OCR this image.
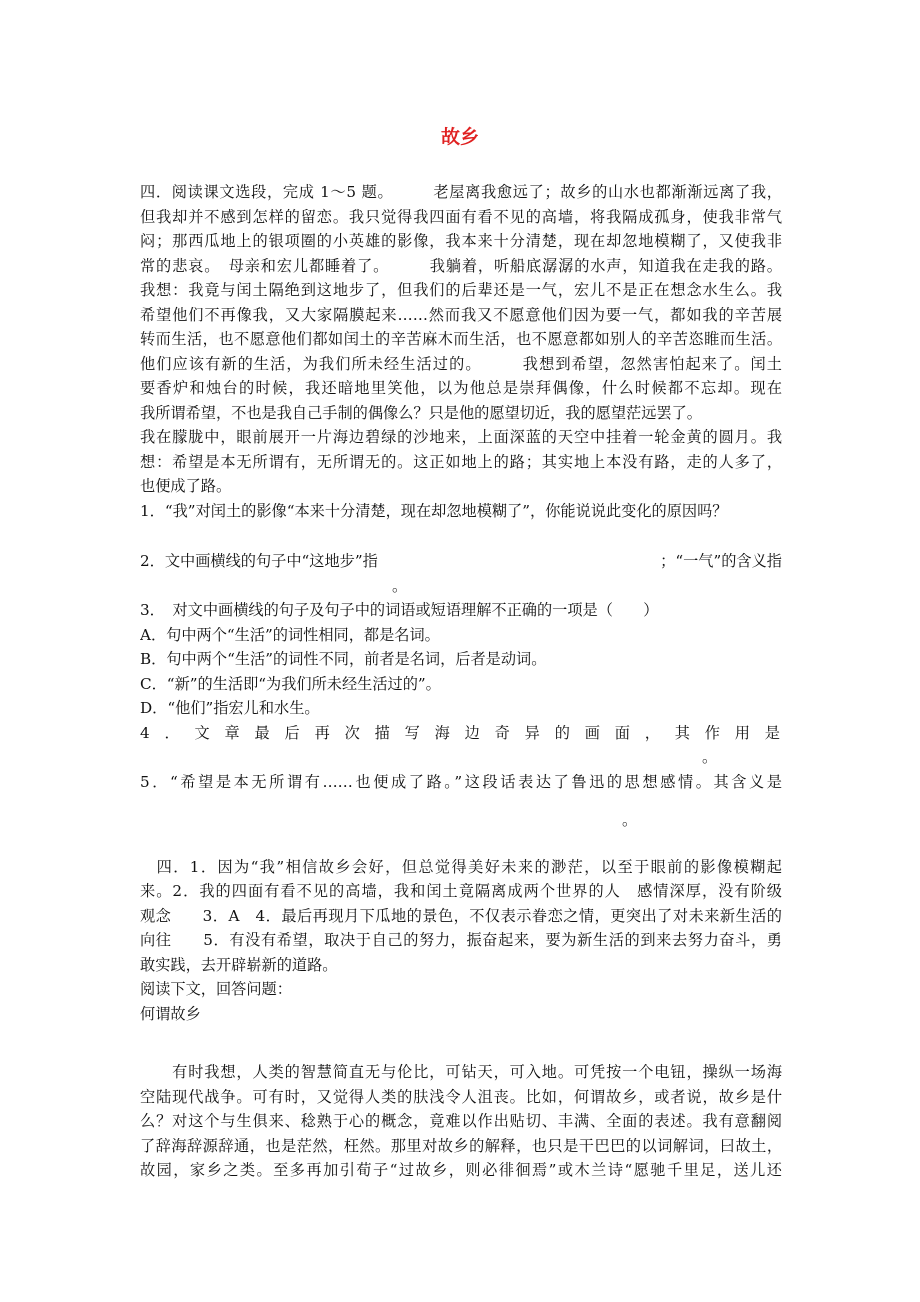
故乡
四．阅读课文选段，完成 1～5 题。　　　老屋离我愈远了；故乡的山水也都渐渐远离了我，
但我却并不感到怎样的留恋。我只觉得我四面有看不见的高墙，将我隔成孤身，使我非常气
闷；那西瓜地上的银项圈的小英雄的影像，我本来十分清楚，现在却忽地模糊了，又使我非
常的悲哀。　母亲和宏儿都睡着了。　　　我躺着，听船底潺潺的水声，知道我在走我的路。
我想：我竟与闰土隔绝到这地步了，但我们的后辈还是一气，宏儿不是正在想念水生么。我
希望他们不再像我，又大家隔膜起来……然而我又不愿意他们因为要一气，都如我的辛苦展
转而生活，也不愿意他们都如闰土的辛苦麻木而生活，也不愿意都如别人的辛苦恣睢而生活。
他们应该有新的生活，为我们所未经生活过的。　　　我想到希望，忽然害怕起来了。闰土
要香炉和烛台的时候，我还暗地里笑他，以为他总是崇拜偶像，什么时候都不忘却。现在
我所谓希望，不也是我自己手制的偶像么？只是他的愿望切近，我的愿望茫远罢了。
我在朦胧中，眼前展开一片海边碧绿的沙地来，上面深蓝的天空中挂着一轮金黄的圆月。我
想：希望是本无所谓有，无所谓无的。这正如地上的路；其实地上本没有路，走的人多了，
也便成了路。
1．“我”对闰土的影像“本来十分清楚，现在却忽地模糊了”，你能说说此变化的原因吗？
2．文中画横线的句子中“这地步”指	；“一气”的含义指
。
3．　对文中画横线的句子及句子中的词语或短语理解不正确的一项是（　　）
A．句中两个“生活”的词性相同，都是名词。
B．句中两个“生活”的词性不同，前者是名词，后者是动词。
C．“新”的生活即“为我们所未经生活过的”。
D．“他们”指宏儿和水生。
4．文章最后再次描写海边奇异的画面，其作用是
。
5．“希望是本无所谓有……也便成了路。”这段话表达了鲁迅的思想感情。其含义是
。
　四．1．因为“我”相信故乡会好，但总觉得美好未来的渺茫，以至于眼前的影像模糊起
来。2．我的四面有看不见的高墙，我和闰土竟隔离成两个世界的人　感情深厚，没有阶级
观念　　3．A　4．最后再现月下瓜地的景色，不仅表示眷恋之情，更突出了对未来新生活的
向往　　5．有没有希望，取决于自己的努力，振奋起来，要为新生活的到来去努力奋斗，勇
敢实践，去开辟崭新的道路。
阅读下文，回答问题：
何谓故乡
　　有时我想，人类的智慧简直无与伦比，可钻天，可入地。可凭按一个电钮，操纵一场海
空陆现代战争。可有时，又觉得人类的肤浅令人沮丧。比如，何谓故乡，或者说，故乡是什
么？对这个与生俱来、稔熟于心的概念，竟难以作出贴切、丰满、全面的表述。我有意翻阅
了辞海辞源辞通，也是茫然，枉然。那里对故乡的解释，也只是干巴巴的以词解词，曰故土，
故园，家乡之类。至多再加引荀子“过故乡，则必徘徊焉”或木兰诗“愿驰千里足，送儿还
